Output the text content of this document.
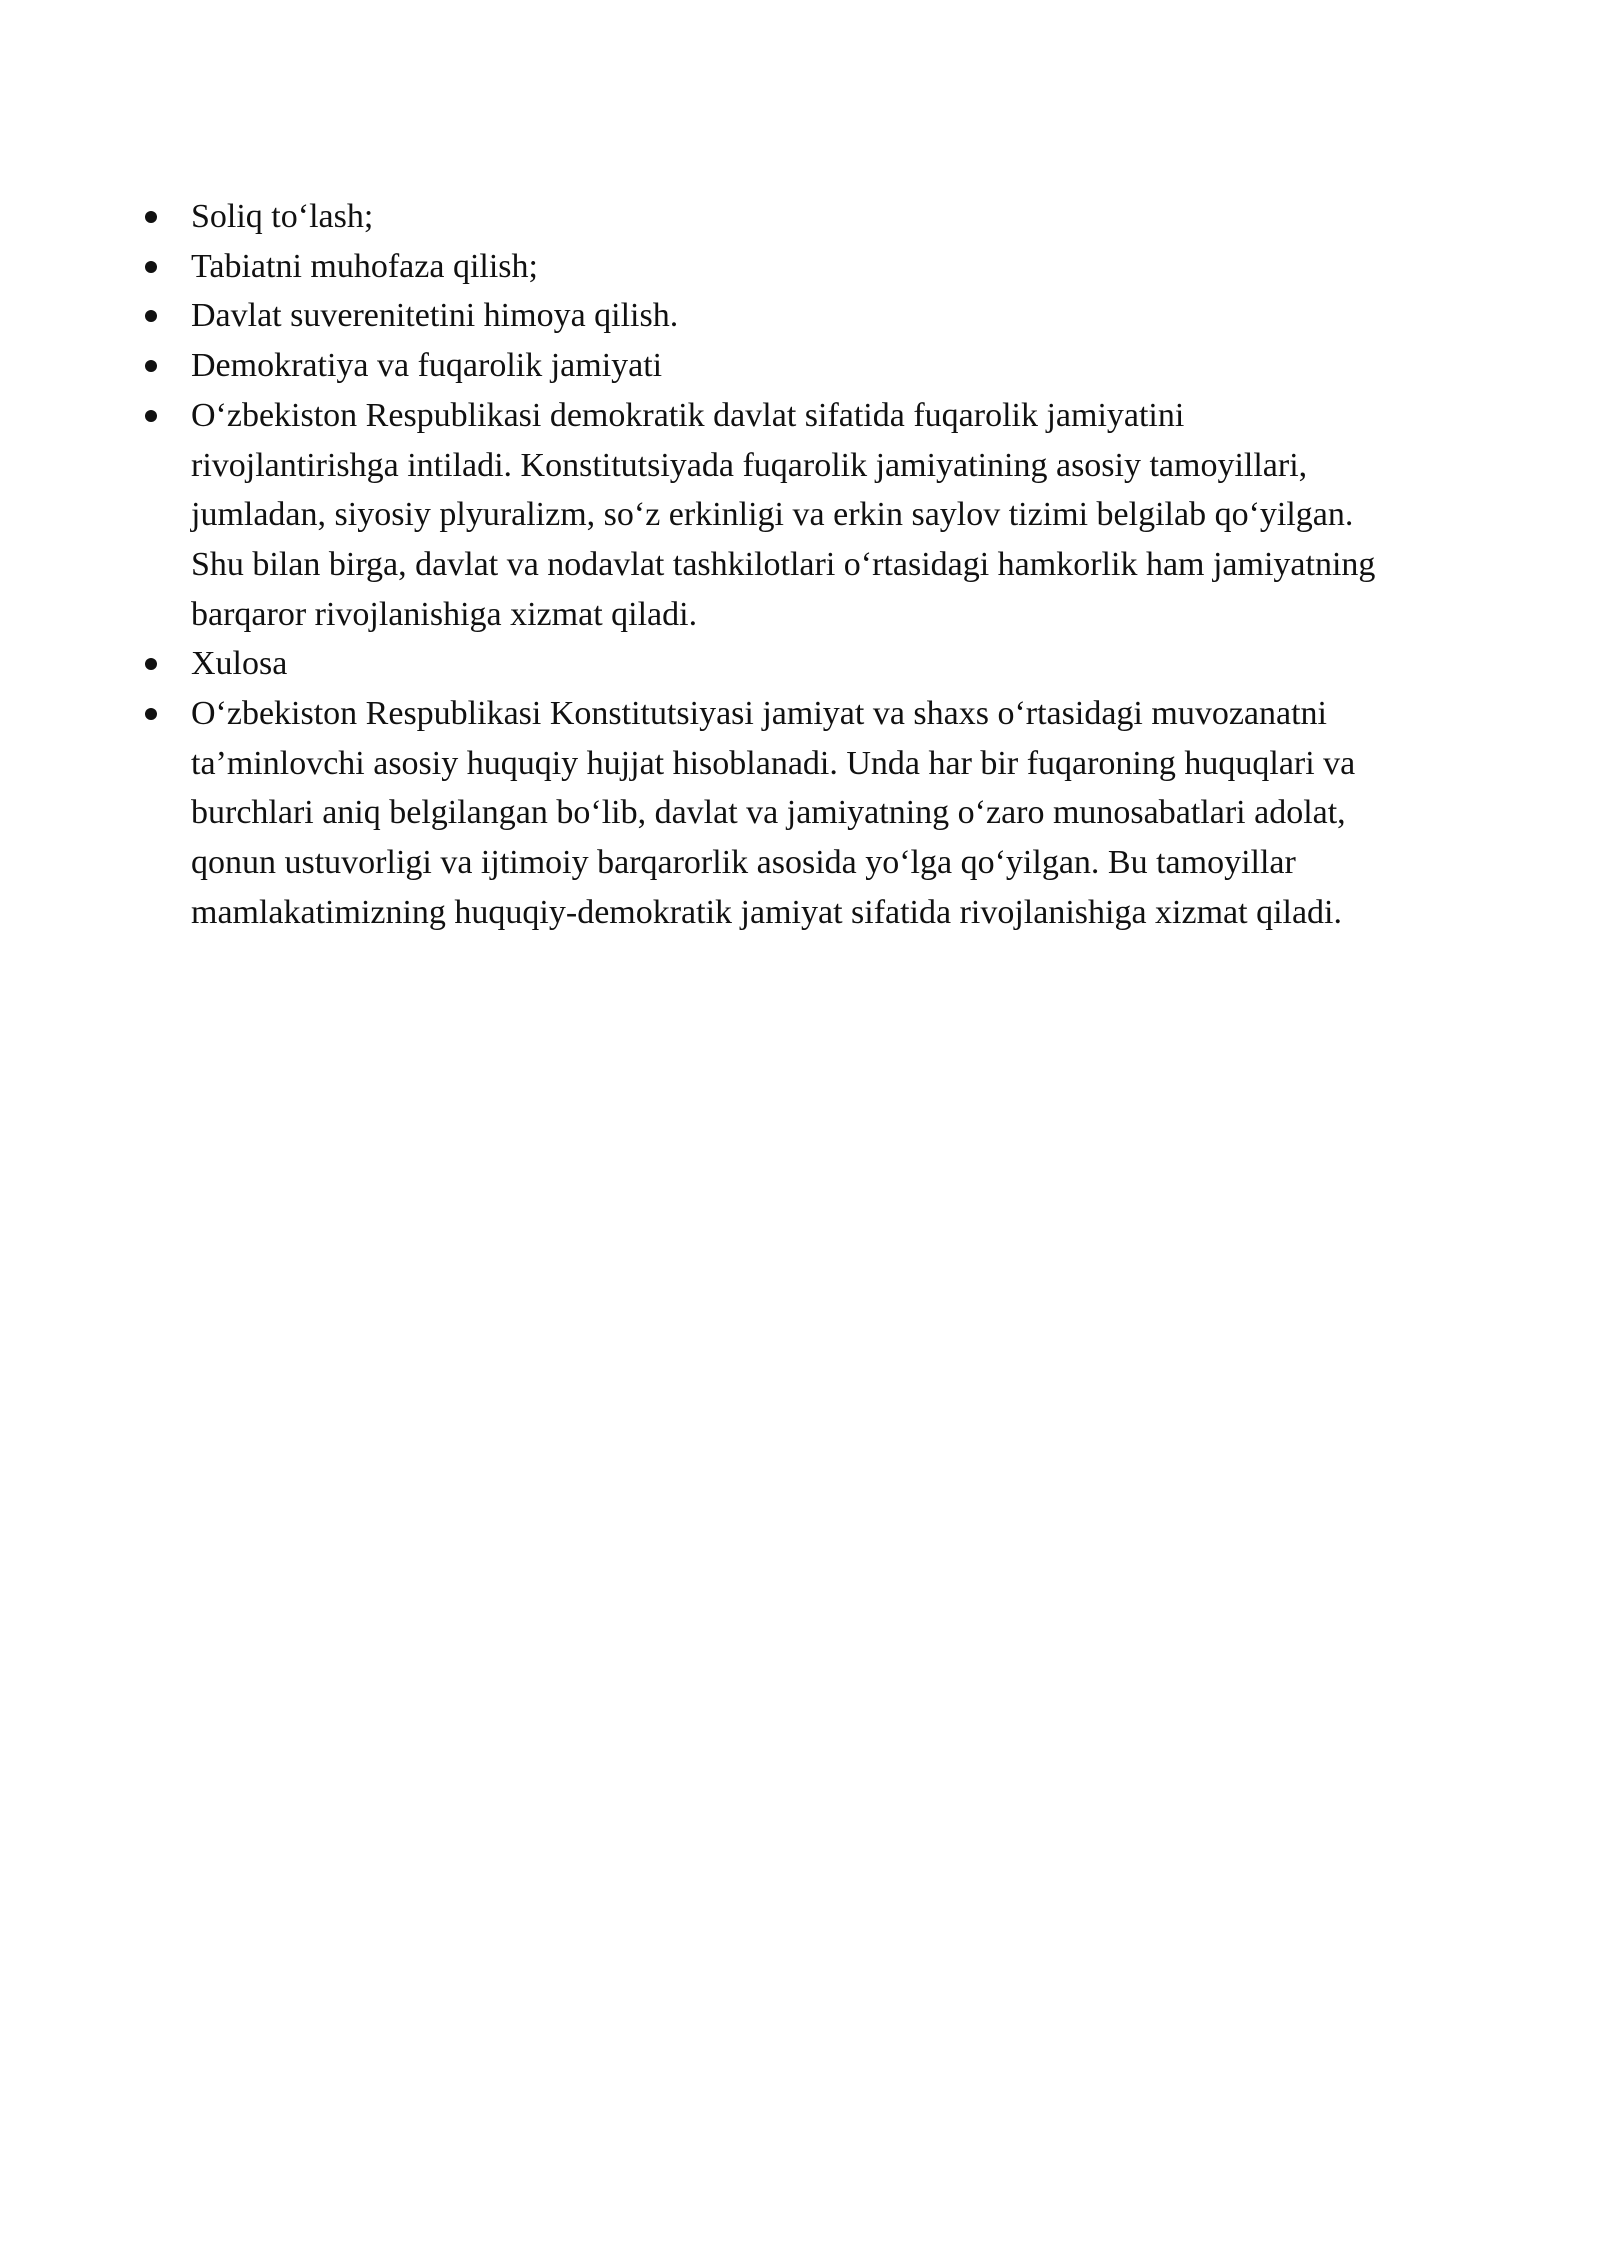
Soliq to‘lash;
Tabiatni muhofaza qilish;
Davlat suverenitetini himoya qilish.
Demokratiya va fuqarolik jamiyati
O‘zbekiston Respublikasi demokratik davlat sifatida fuqarolik jamiyatini
rivojlantirishga intiladi. Konstitutsiyada fuqarolik jamiyatining asosiy tamoyillari,
jumladan, siyosiy plyuralizm, so‘z erkinligi va erkin saylov tizimi belgilab qo‘yilgan.
Shu bilan birga, davlat va nodavlat tashkilotlari o‘rtasidagi hamkorlik ham jamiyatning
barqaror rivojlanishiga xizmat qiladi.
Xulosa
O‘zbekiston Respublikasi Konstitutsiyasi jamiyat va shaxs o‘rtasidagi muvozanatni
ta’minlovchi asosiy huquqiy hujjat hisoblanadi. Unda har bir fuqaroning huquqlari va
burchlari aniq belgilangan bo‘lib, davlat va jamiyatning o‘zaro munosabatlari adolat,
qonun ustuvorligi va ijtimoiy barqarorlik asosida yo‘lga qo‘yilgan. Bu tamoyillar
mamlakatimizning huquqiy-demokratik jamiyat sifatida rivojlanishiga xizmat qiladi.
